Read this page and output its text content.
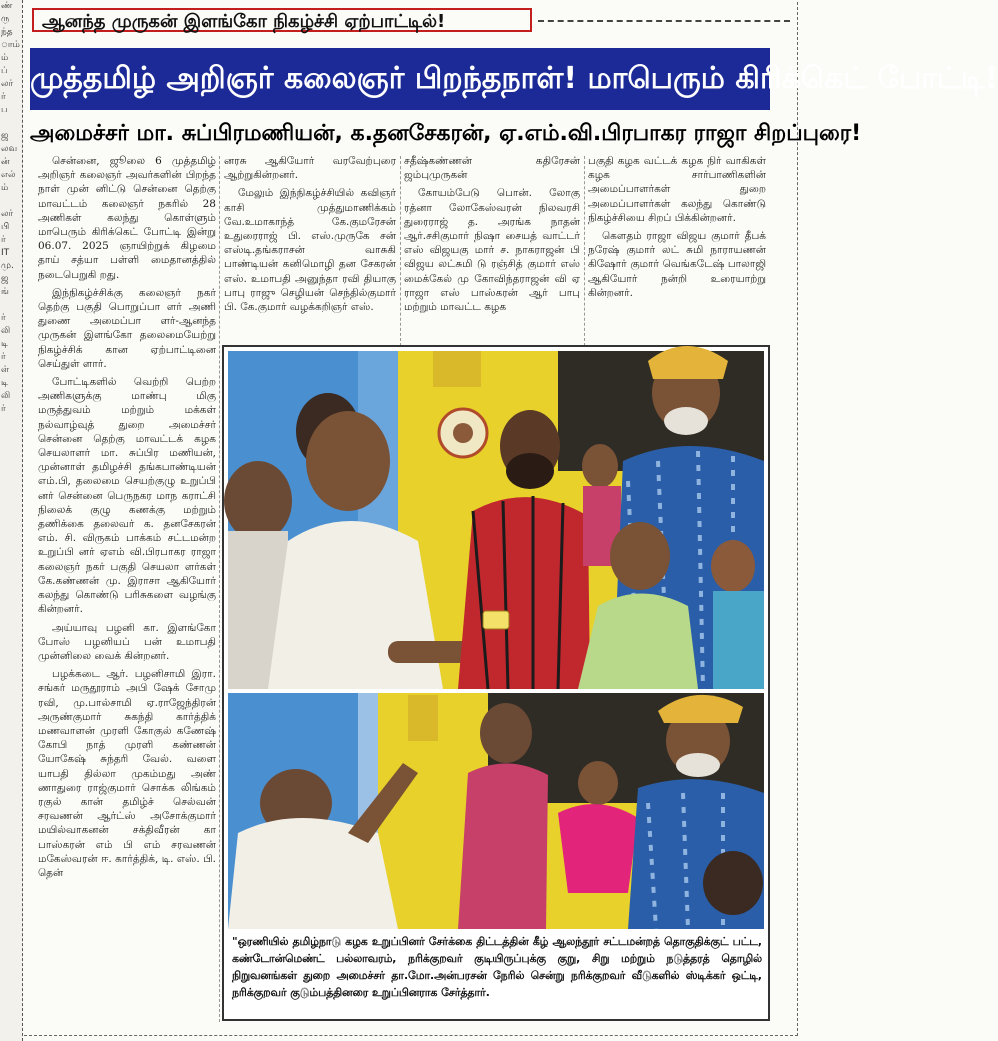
ண்
ரு
ந்த
ாம்
ம்
ப்
லர்
ர்
ப

ஜ
லவ
ன்
எல்
ம்

லர்
பி
ர்
IT
மு.
ஜ
ங்

ர்
லி
டி
ர்
ள்
டி
லி
ர்

ஆனந்த முருகன் இளங்கோ நிகழ்ச்சி ஏற்பாட்டில்!
முத்தமிழ் அறிஞர் கலைஞர் பிறந்தநாள்! மாபெரும் கிரிக்கெட் போட்டி!
அமைச்சர் மா. சுப்பிரமணியன், க.தனசேகரன், ஏ.எம்.வி.பிரபாகர ராஜா சிறப்புரை!

சென்னை, ஜூலை 6 முத்தமிழ் அறிஞர் கலைஞர் அவர்களின் பிறந்த நாள் முன் னிட்டு சென்னை தெற்கு மாவட்டம் கலைஞர் நகரில் 28 அணிகள் கலந்து கொள்ளும் மாபெரும் கிரிக்கெட் போட்டி இன்று 06.07. 2025 ஞாயிற்றுக் கிழமை தாய் சத்யா பள்ளி மைதானத்தில் நடைபெறுகி றது.

இந்நிகழ்ச்சிக்கு கலைஞர் நகர் தெற்கு பகுதி பொறுப்பா ளர் அணி துணை அமைப்பா ளர்-ஆனந்த முருகன் இளங்கோ தலைமையேற்று நிகழ்ச்சிக் கான ஏற்பாட்டினை செய்துள் ளார்.

போட்டிகளில் வெற்றி பெற்ற அணிகளுக்கு மாண்பு மிகு மருத்துவம் மற்றும் மக்கள் நல்வாழ்வுத் துறை அமைச்சர் சென்னை தெற்கு மாவட்டக் கழக செயலாளர் மா. சுப்பிர மணியன், முன்னாள் தமிழச்சி தங்கபாண்டியன் எம்.பி, தலைமை செயற்குழு உறுப்பி னர் சென்னை பெருநகர மாந கராட்சி நிலைக் குழு கணக்கு மற்றும் தணிக்கை தலைவர் க. தனசேகரன் எம். சி. விருகம் பாக்கம் சட்டமன்ற உறுப்பி னர் ஏஎம் வி.பிரபாகர ராஜா கலைஞர் நகர் பகுதி செயலா ளர்கள் கே.கண்ணன் மு. இராசா ஆகியோர் கலந்து கொண்டு பரிசுகளை வழங்கு கின்றனர்.

அய்யாவு பழனி கா. இளங்கோ போஸ் பழனியப் பன் உமாபதி முன்னிலை வைக் கின்றனர்.

பழக்கடை ஆர். பழனிசாமி இரா. சங்கர் மருதூராம் அபி ஷேக் சோமு ரவி, மு.பால்சாமி ஏ.ராஜேந்திரன் அருண்குமார் சுகந்தி கார்த்திக் மணவாளன் முரளி கோகுல் கணேஷ் கோபி நாத் முரளி கண்ணன் யோகேஷ் சுந்தரி வேல். வளை யாபதி தில்லா முகம்மது அண் ணாதுரை ராஜ்குமார் சொக்க லிங்கம் ரகுல் கான் தமிழ்ச் செல்வன் சரவணன் ஆர்ட்ஸ் அசோக்குமார் மயில்வாகனன் சக்திவீரன் கா பாஸ்கரன் எம் பி எம் சரவணன் மகேஸ்வரன் ஈ. கார்த்திக், டி. எஸ். பி. தென்

னரசு ஆகியோர் வரவேற்புரை ஆற்றுகின்றனர்.

மேலும் இந்நிகழ்ச்சியில் கவிஞர் காசி முத்துமாணிக்கம் வே.உமாகாந்த் கே.குமரேசன் உதுரைராஜ் பி. எஸ்.முருகே சன் எஸ்டி.தங்கராசன் வாசுகி பாண்டியன் கனிமொழி தன சேகரன் எஸ். உமாபதி அனுந்தா ரவி தியாகு பாபு ராஜு செழியன் செந்தில்குமார் பி. கே.குமார் வழக்கறிஞர் எஸ்.

சதீஷ்கண்ணன் கதிரேசன் ஜம்புமுருகன்

கோயம்பேடு பொன். லோகு ரத்னா லோகேஸ்வரன் நிலவரசி துரைராஜ் த. அரங்க நாதன் ஆர்.சசிகுமார் நிஷா சையத் வாட்டர் எஸ் விஜயகு மார் ச. நாகராஜன் பி விஜய லட்சுமி டு ரஞ்சித் குமார் எஸ் மைக்கேல் மு கோவிந்தராஜன் வி ஏ ராஜா எஸ் பாஸ்கரன் ஆர் பாபு மற்றும் மாவட்ட கழக

பகுதி கழக வட்டக் கழக நிர் வாகிகள் கழக சார்பாணிகளின் அமைப்பாளர்கள் துறை அமைப்பாளர்கள் கலந்து கொண்டு நிகழ்ச்சியை சிறப் பிக்கின்றனர்.

கௌதம் ராஜா விஜய குமார் தீபக் நரேஷ் குமார் லட் சுமி நாராயணன் கிஷோர் குமார் வெங்கடேஷ் பாலாஜி ஆகியோர் நன்றி உரையாற்று கின்றனர்.

"ஒரணியில் தமிழ்நாடு கழக உறுப்பினர் சேர்க்கை திட்டத்தின் கீழ் ஆலந்தூர் சட்டமன்றத் தொகுதிக்குட் பட்ட, கண்டோன்மெண்ட் பல்லாவரம், நரிக்குறவர் குடியிருப்புக்கு குறு, சிறு மற்றும் நடுத்தரத் தொழில் நிறுவனங்கள் துறை அமைச்சர் தா.மோ.அன்பரசன் நேரில் சென்று நரிக்குறவர் வீடுகளில் ஸ்டிக்கர் ஒட்டி, நரிக்குறவர் குடும்பத்தினரை உறுப்பினராக சேர்த்தார்.
